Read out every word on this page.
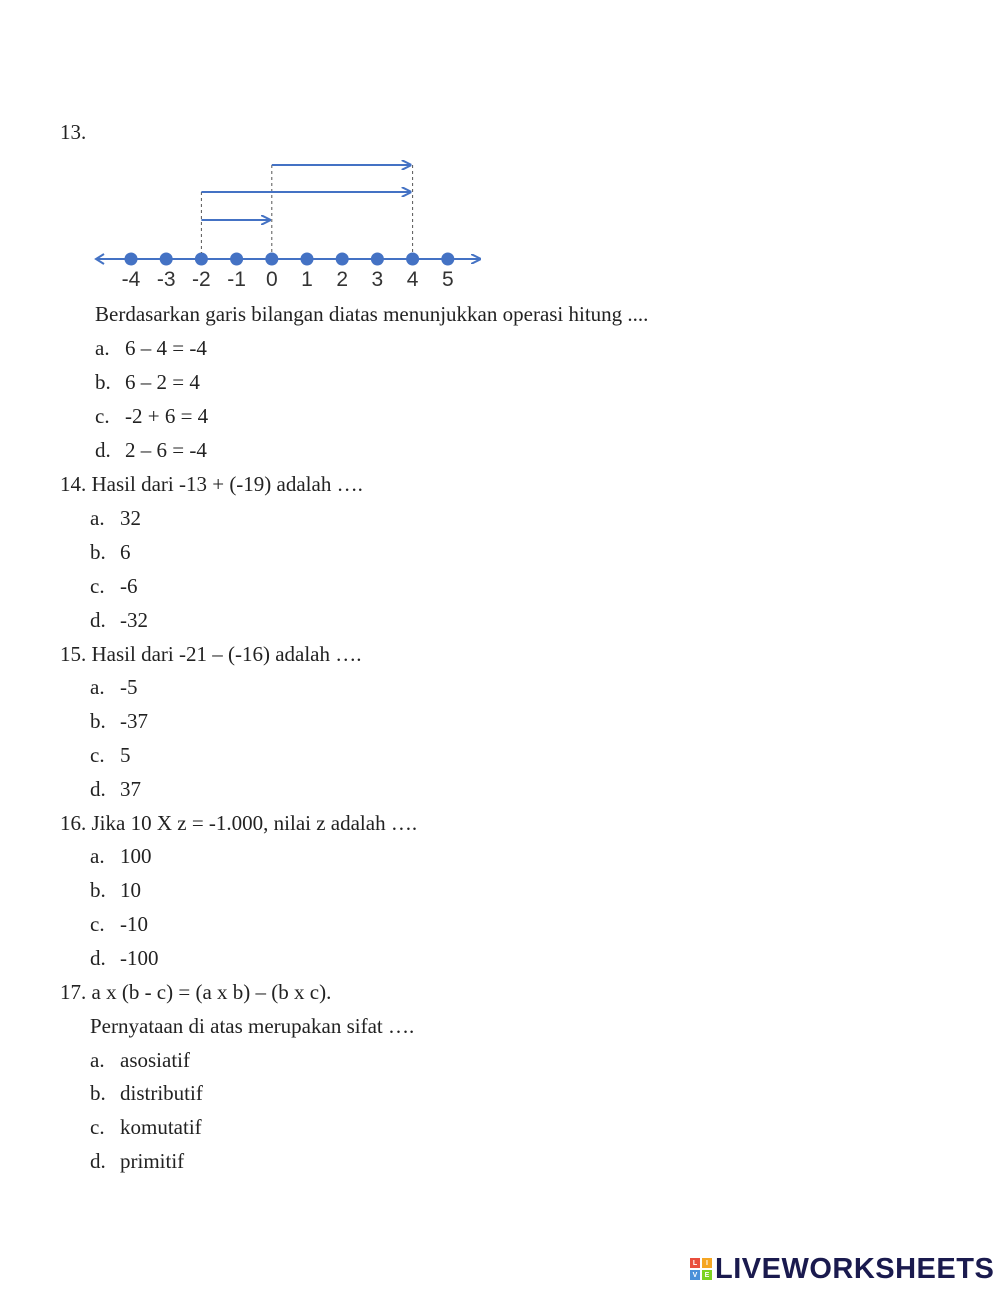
13.
-4 -3 -2 -1 0 1 2 3 4 5
Berdasarkan garis bilangan diatas menunjukkan operasi hitung ....
a. 6 – 4 = -4
b. 6 – 2 = 4
c. -2 + 6 = 4
d. 2 – 6 = -4
14. Hasil dari -13 + (-19) adalah ….
a. 32
b. 6
c. -6
d. -32
15. Hasil dari -21 – (-16) adalah ….
a. -5
b. -37
c. 5
d. 37
16. Jika 10 X z = -1.000, nilai z adalah ….
a. 100
b. 10
c. -10
d. -100
17. a x (b - c) = (a x b) – (b x c).
Pernyataan di atas merupakan sifat ….
a. asosiatif
b. distributif
c. komutatif
d. primitif
L	I
V	E LIVEWORKSHEETS
